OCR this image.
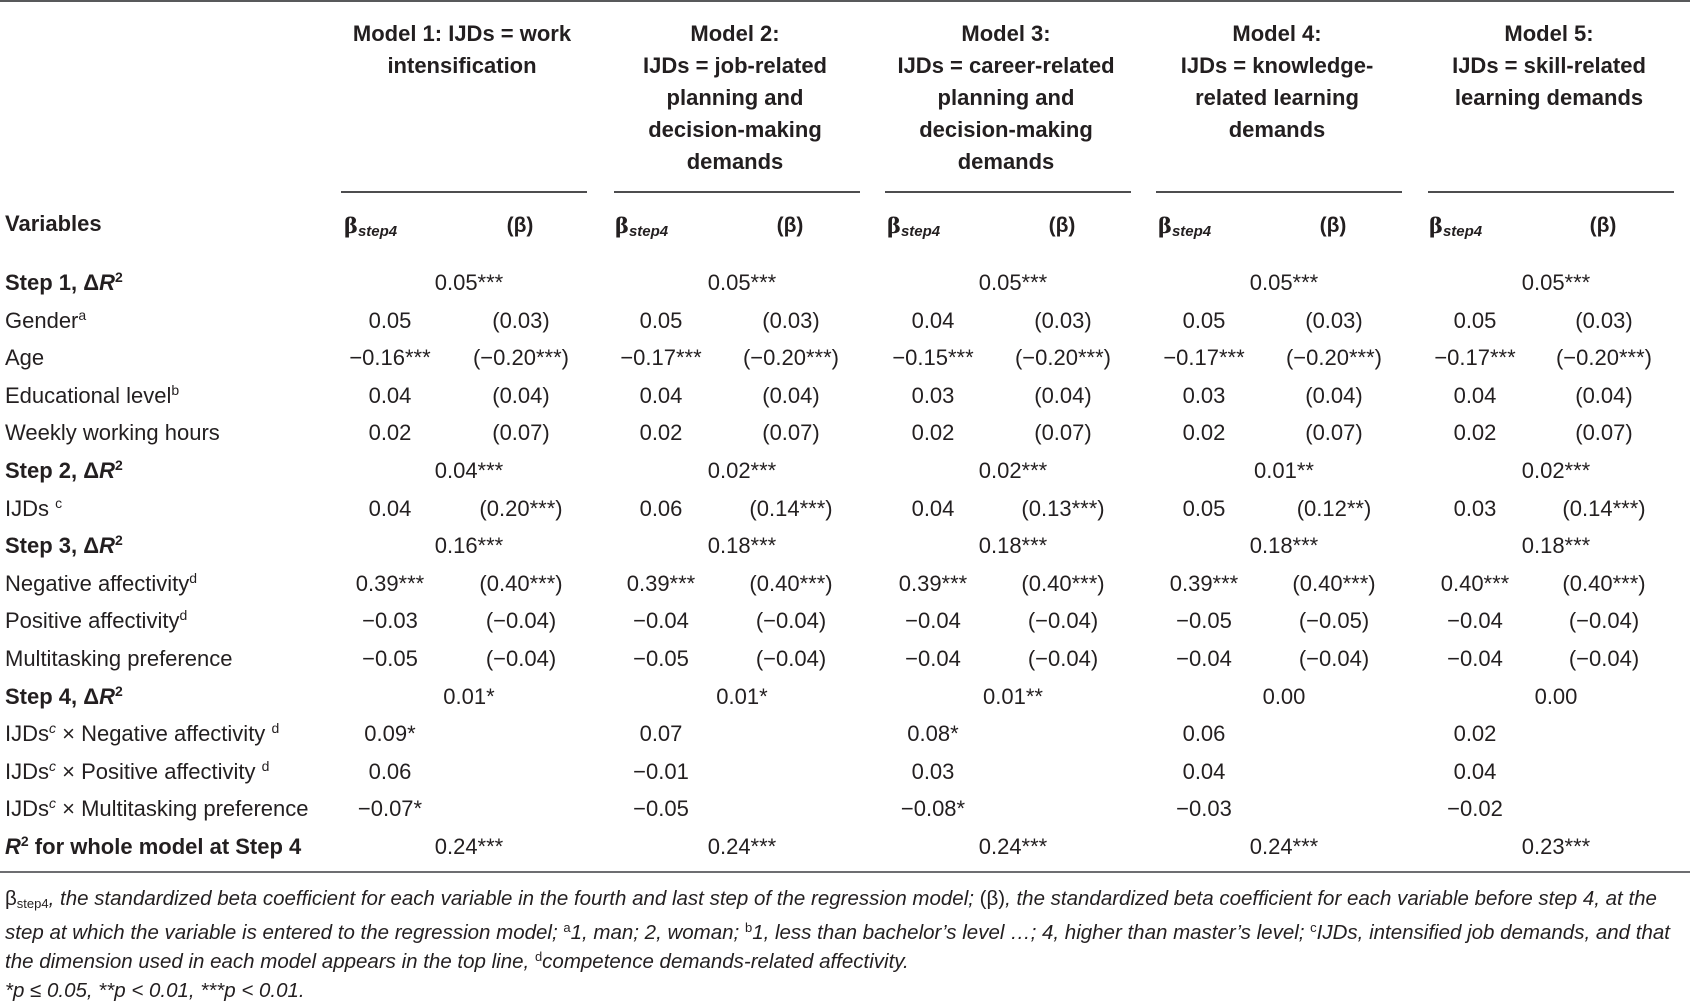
Model 1: IJDs = work
intensification
Model 2:
IJDs = job-related
planning and
decision-making
demands
Model 3:
IJDs = career-related
planning and
decision-making
demands
Model 4:
IJDs = knowledge-
related learning
demands
Model 5:
IJDs = skill-related
learning demands
Variables	$\beta_{step4}$	(β)	$\beta_{step4}$	(β)	$\beta_{step4}$	(β)	$\beta_{step4}$	(β)	$\beta_{step4}$	(β)
Step 1, $\Delta R^2$	0.05***	0.05***	0.05***	0.05***	0.05***
Gender$^a$	0.05	(0.03)	0.05	(0.03)	0.04	(0.03)	0.05	(0.03)	0.05	(0.03)
Age	−0.16***	(−0.20***)	−0.17***	(−0.20***)	−0.15***	(−0.20***)	−0.17***	(−0.20***)	−0.17***	(−0.20***)
Educational level$^b$	0.04	(0.04)	0.04	(0.04)	0.03	(0.04)	0.03	(0.04)	0.04	(0.04)
Weekly working hours	0.02	(0.07)	0.02	(0.07)	0.02	(0.07)	0.02	(0.07)	0.02	(0.07)
Step 2, $\Delta R^2$	0.04***	0.02***	0.02***	0.01**	0.02***
IJDs $^c$	0.04	(0.20***)	0.06	(0.14***)	0.04	(0.13***)	0.05	(0.12**)	0.03	(0.14***)
Step 3, $\Delta R^2$	0.16***	0.18***	0.18***	0.18***	0.18***
Negative affectivity$^d$	0.39***	(0.40***)	0.39***	(0.40***)	0.39***	(0.40***)	0.39***	(0.40***)	0.40***	(0.40***)
Positive affectivity$^d$	−0.03	(−0.04)	−0.04	(−0.04)	−0.04	(−0.04)	−0.05	(−0.05)	−0.04	(−0.04)
Multitasking preference	−0.05	(−0.04)	−0.05	(−0.04)	−0.04	(−0.04)	−0.04	(−0.04)	−0.04	(−0.04)
Step 4, $\Delta R^2$	0.01*	0.01*	0.01**	0.00	0.00
IJDs$^c$ × Negative affectivity $^d$	0.09*	0.07	0.08*	0.06	0.02
IJDs$^c$ × Positive affectivity $^d$	0.06	−0.01	0.03	0.04	0.04
IJDs$^c$ × Multitasking preference	−0.07*	−0.05	−0.08*	−0.03	−0.02
$R^2$ for whole model at Step 4	0.24***	0.24***	0.24***	0.24***	0.23***

$\beta_{step4}$, the standardized beta coefficient for each variable in the fourth and last step of the regression model; (β), the standardized beta coefficient for each variable before step 4, at the step at which the variable is entered to the regression model; $^a$1, man; 2, woman; $^b$1, less than bachelor’s level …; 4, higher than master’s level; $^c$IJDs, intensified job demands, and that the dimension used in each model appears in the top line, $^d$competence demands-related affectivity.

*p ≤ 0.05, **p < 0.01, ***p < 0.01.
